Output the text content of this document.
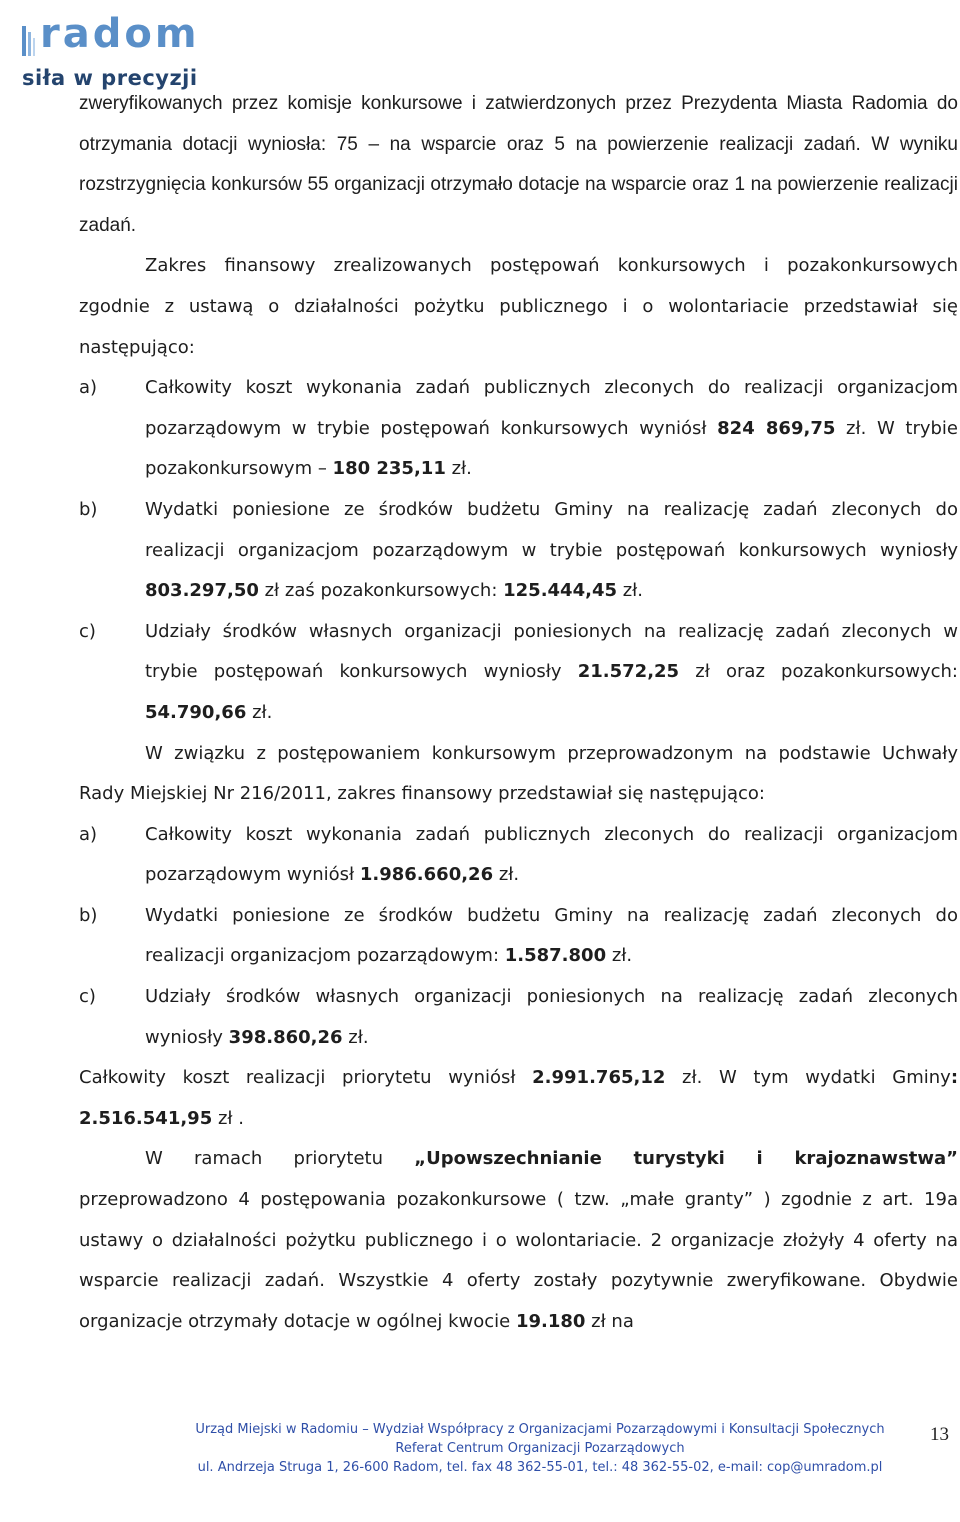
radom

siła w precyzji

zweryfikowanych przez komisje konkursowe i zatwierdzonych przez Prezydenta Miasta Radomia do otrzymania dotacji wyniosła: 75 – na wsparcie oraz 5 na powierzenie realizacji zadań. W wyniku rozstrzygnięcia konkursów 55 organizacji otrzymało dotacje na wsparcie oraz 1 na powierzenie realizacji zadań.

Zakres finansowy zrealizowanych postępowań konkursowych i pozakonkursowych zgodnie z ustawą o działalności pożytku publicznego i o wolontariacie przedstawiał się następująco:

a)	Całkowity koszt wykonania zadań publicznych zleconych do realizacji organizacjom pozarządowym w trybie postępowań konkursowych wyniósł 824 869,75 zł. W trybie pozakonkursowym – 180 235,11 zł.

b)	Wydatki poniesione ze środków budżetu Gminy na realizację zadań zleconych do realizacji organizacjom pozarządowym w trybie postępowań konkursowych wyniosły 803.297,50 zł zaś pozakonkursowych: 125.444,45 zł.

c)	Udziały środków własnych organizacji poniesionych na realizację zadań zleconych w trybie postępowań konkursowych wyniosły 21.572,25 zł oraz pozakonkursowych: 54.790,66 zł.

W związku z postępowaniem konkursowym przeprowadzonym na podstawie Uchwały Rady Miejskiej Nr 216/2011, zakres finansowy przedstawiał się następująco:

a)	Całkowity koszt wykonania zadań publicznych zleconych do realizacji organizacjom pozarządowym wyniósł 1.986.660,26 zł.

b)	Wydatki poniesione ze środków budżetu Gminy na realizację zadań zleconych do realizacji organizacjom pozarządowym: 1.587.800 zł.

c)	Udziały środków własnych organizacji poniesionych na realizację zadań zleconych wyniosły 398.860,26 zł.

Całkowity koszt realizacji priorytetu wyniósł 2.991.765,12 zł. W tym wydatki Gminy: 2.516.541,95 zł .

W ramach priorytetu „Upowszechnianie turystyki i krajoznawstwa” przeprowadzono 4 postępowania pozakonkursowe ( tzw. „małe granty” ) zgodnie z art. 19a ustawy o działalności pożytku publicznego i o wolontariacie. 2 organizacje złożyły 4 oferty na wsparcie realizacji zadań. Wszystkie 4 oferty zostały pozytywnie zweryfikowane. Obydwie organizacje otrzymały dotacje w ogólnej kwocie 19.180 zł na

Urząd Miejski w Radomiu – Wydział Współpracy z Organizacjami Pozarządowymi i Konsultacji Społecznych
Referat Centrum Organizacji Pozarządowych
ul. Andrzeja Struga 1, 26-600 Radom, tel. fax 48 362-55-01, tel.: 48 362-55-02, e-mail: cop@umradom.pl
13
